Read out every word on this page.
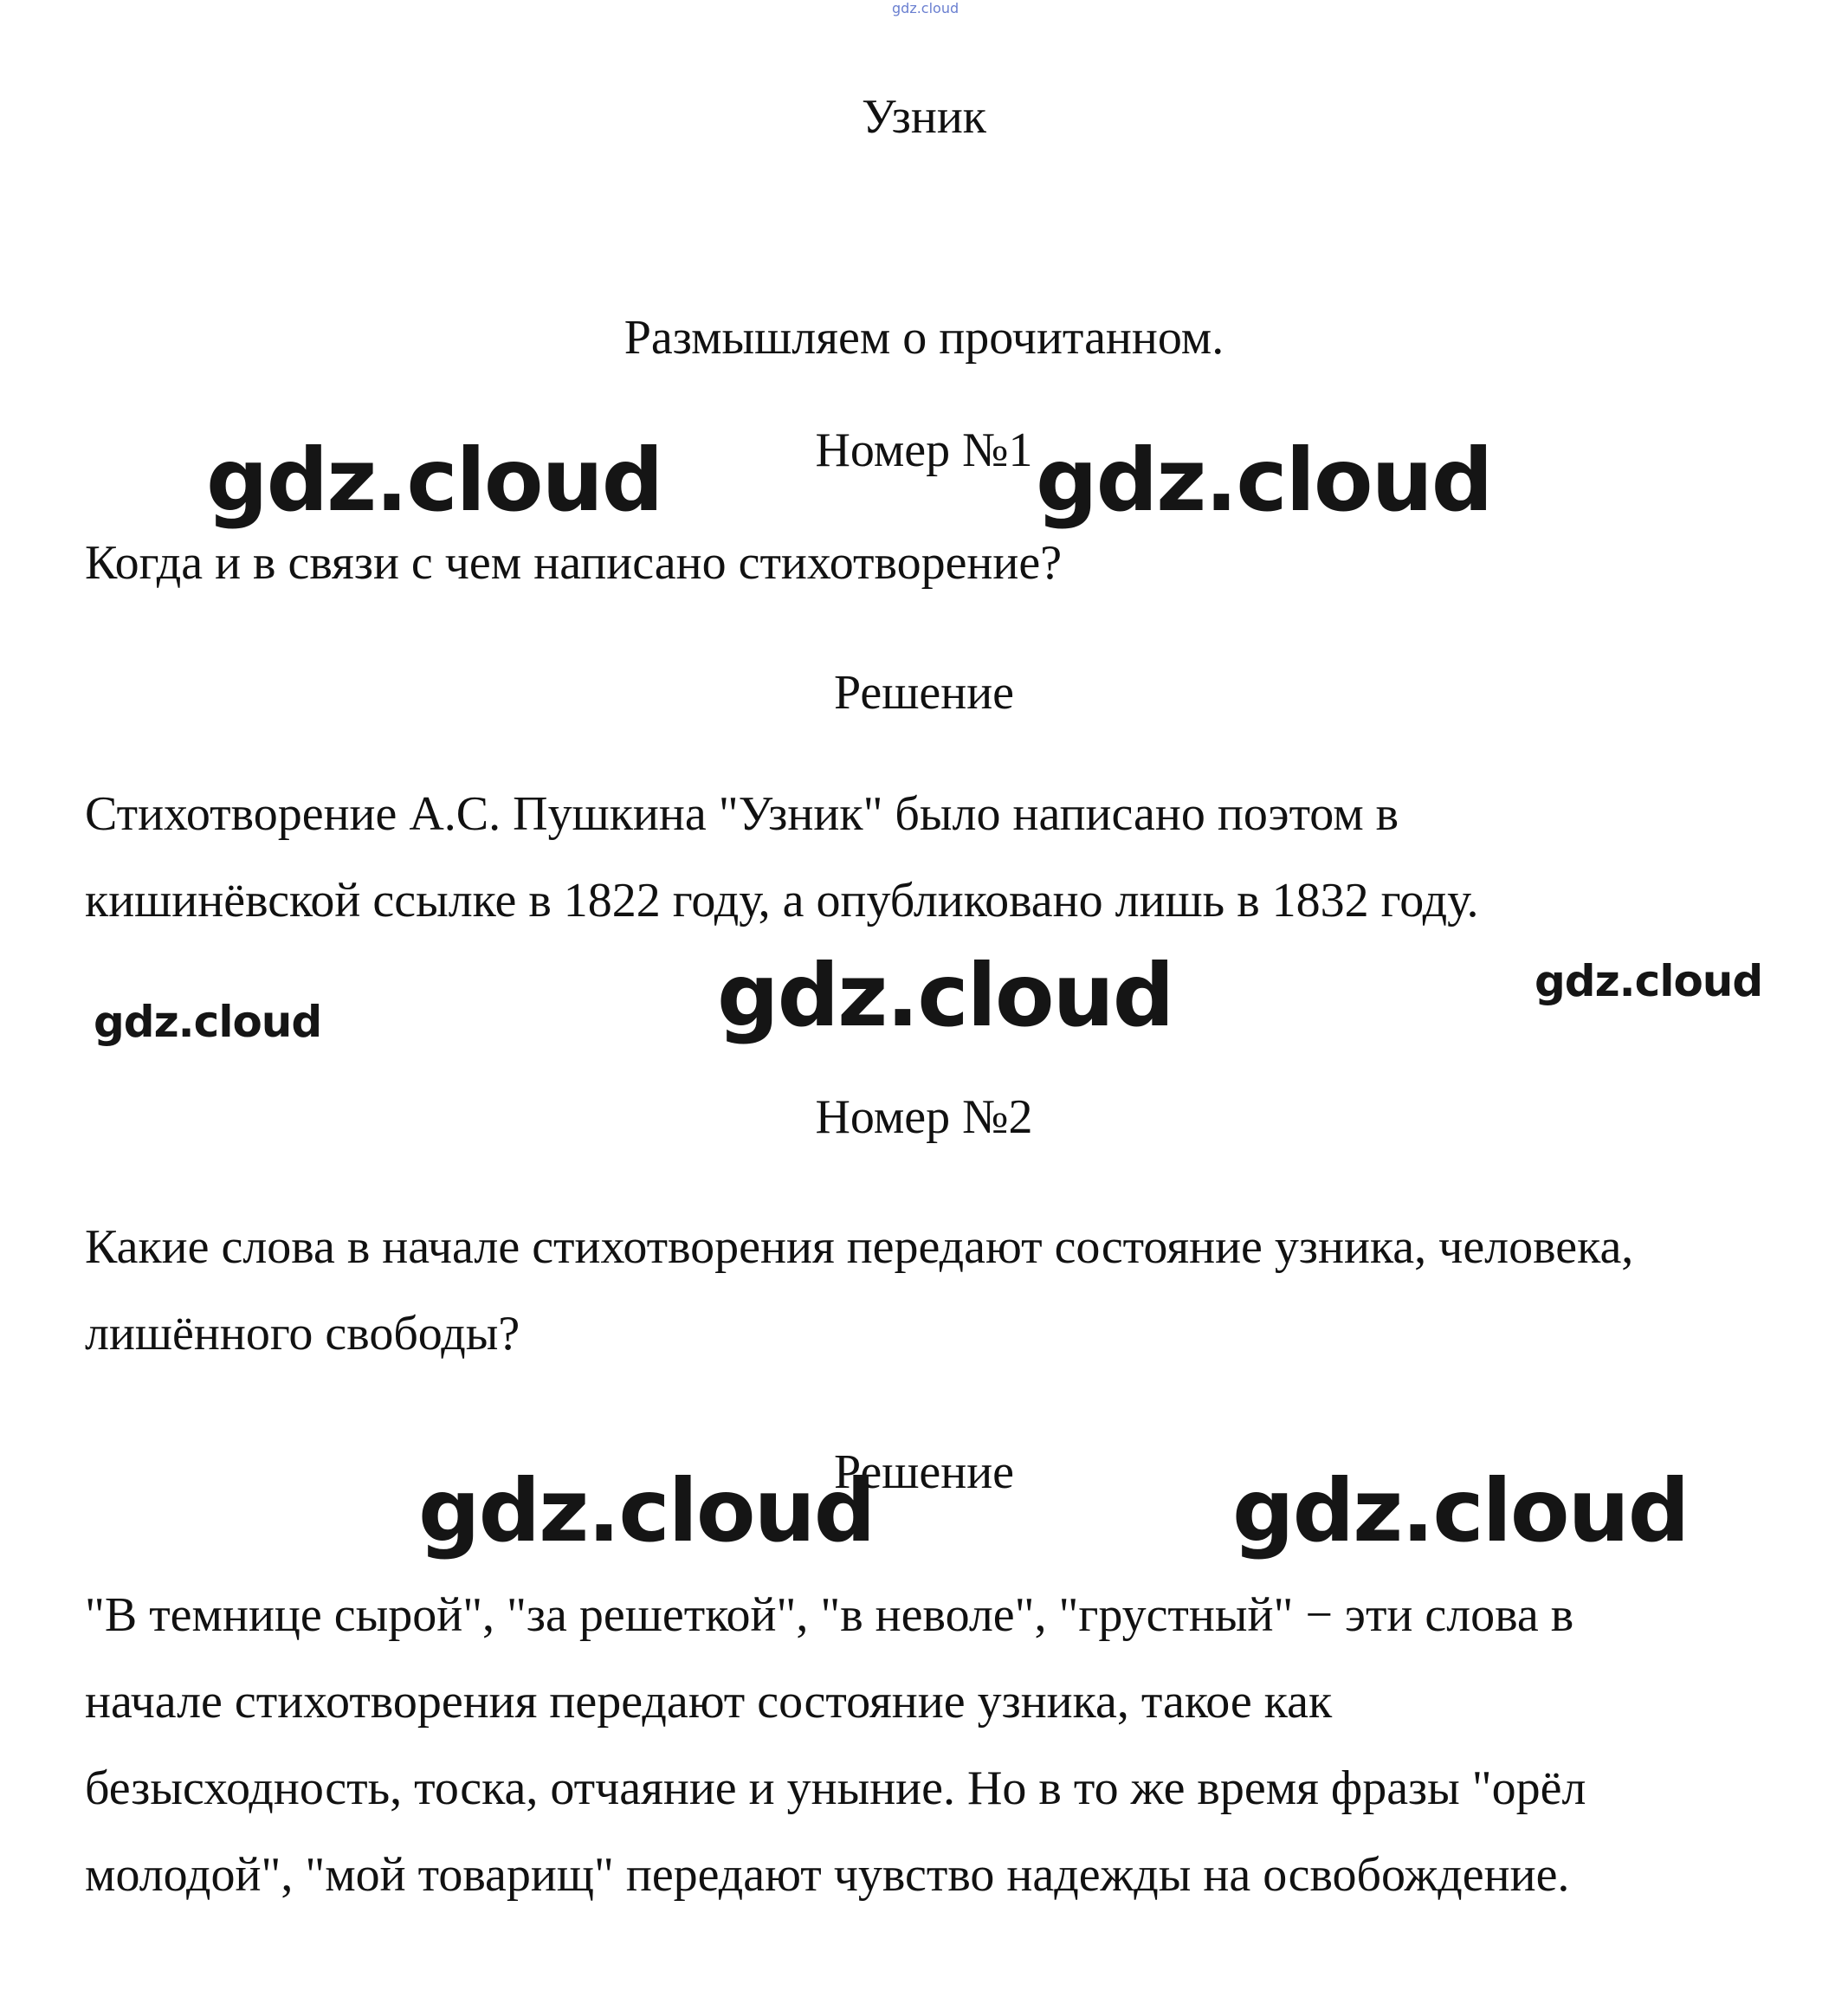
gdz.cloud
Узник
Размышляем о прочитанном.
Номер №1
Когда и в связи с чем написано стихотворение?
Решение
Стихотворение А.С. Пушкина "Узник" было написано поэтом в
кишинёвской ссылке в 1822 году, а опубликовано лишь в 1832 году.
Номер №2
Какие слова в начале стихотворения передают состояние узника, человека,
лишённого свободы?
Решение
"В темнице сырой", "за решеткой", "в неволе", "грустный" − эти слова в
начале стихотворения передают состояние узника, такое как
безысходность, тоска, отчаяние и уныние. Но в то же время фразы "орёл
молодой", "мой товарищ" передают чувство надежды на освобождение.
gdz.cloud	gdz.cloud
gdz.cloud	gdz.cloud	gdz.cloud
gdz.cloud	gdz.cloud
